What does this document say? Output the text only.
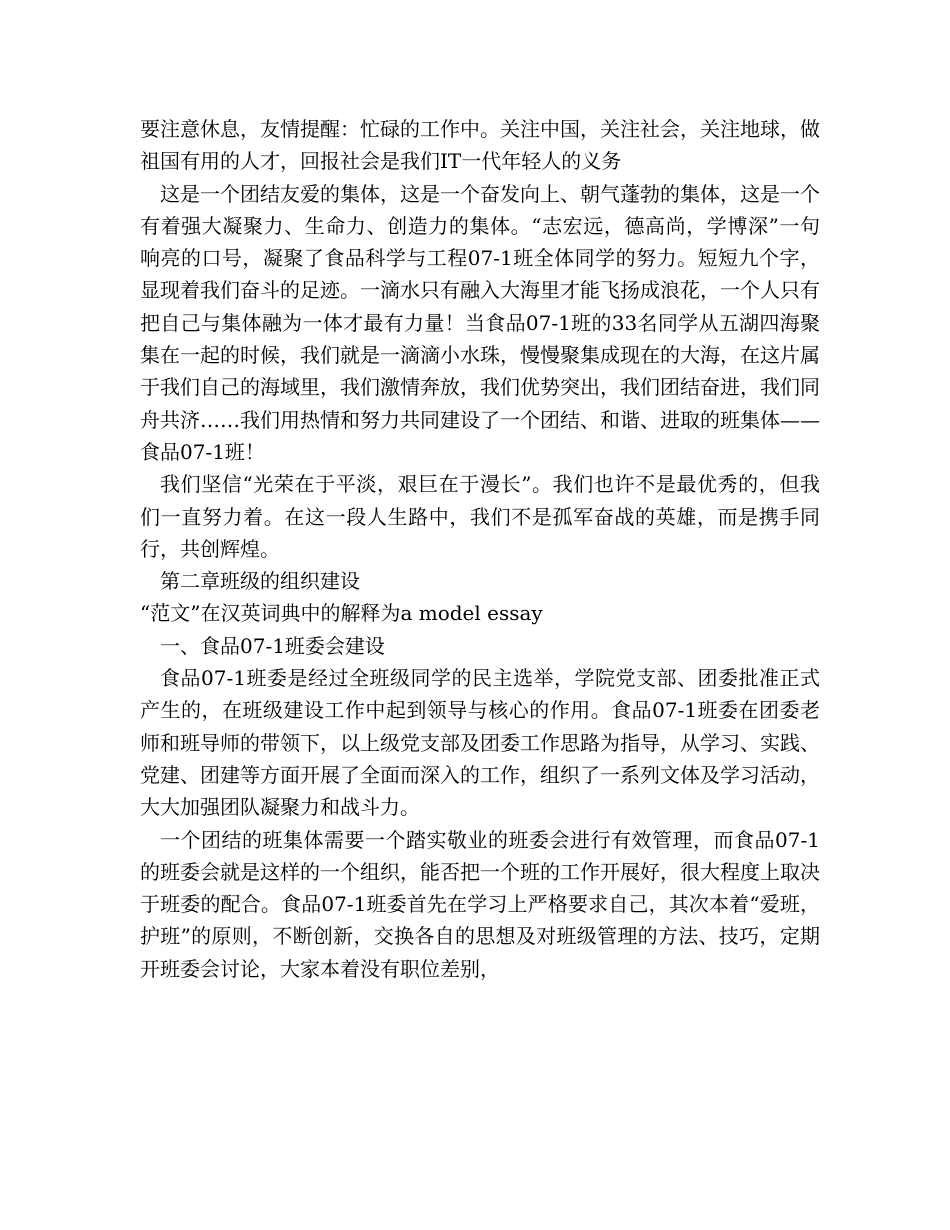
要注意休息，友情提醒：忙碌的工作中。关注中国，关注社会，关注地球，做祖国有用的人才，回报社会是我们IT一代年轻人的义务

这是一个团结友爱的集体，这是一个奋发向上、朝气蓬勃的集体，这是一个有着强大凝聚力、生命力、创造力的集体。“志宏远，德高尚，学博深”一句响亮的口号，凝聚了食品科学与工程07-1班全体同学的努力。短短九个字，显现着我们奋斗的足迹。一滴水只有融入大海里才能飞扬成浪花，一个人只有把自己与集体融为一体才最有力量！当食品07-1班的33名同学从五湖四海聚集在一起的时候，我们就是一滴滴小水珠，慢慢聚集成现在的大海，在这片属于我们自己的海域里，我们激情奔放，我们优势突出，我们团结奋进，我们同舟共济……我们用热情和努力共同建设了一个团结、和谐、进取的班集体——食品07-1班！

我们坚信“光荣在于平淡，艰巨在于漫长”。我们也许不是最优秀的，但我们一直努力着。在这一段人生路中，我们不是孤军奋战的英雄，而是携手同行，共创辉煌。

第二章班级的组织建设

“范文”在汉英词典中的解释为a model essay

一、食品07-1班委会建设

食品07-1班委是经过全班级同学的民主选举，学院党支部、团委批准正式产生的，在班级建设工作中起到领导与核心的作用。食品07-1班委在团委老师和班导师的带领下，以上级党支部及团委工作思路为指导，从学习、实践、党建、团建等方面开展了全面而深入的工作，组织了一系列文体及学习活动，大大加强团队凝聚力和战斗力。

一个团结的班集体需要一个踏实敬业的班委会进行有效管理，而食品07-1的班委会就是这样的一个组织，能否把一个班的工作开展好，很大程度上取决于班委的配合。食品07-1班委首先在学习上严格要求自己，其次本着“爱班，护班”的原则，不断创新，交换各自的思想及对班级管理的方法、技巧，定期开班委会讨论，大家本着没有职位差别，
